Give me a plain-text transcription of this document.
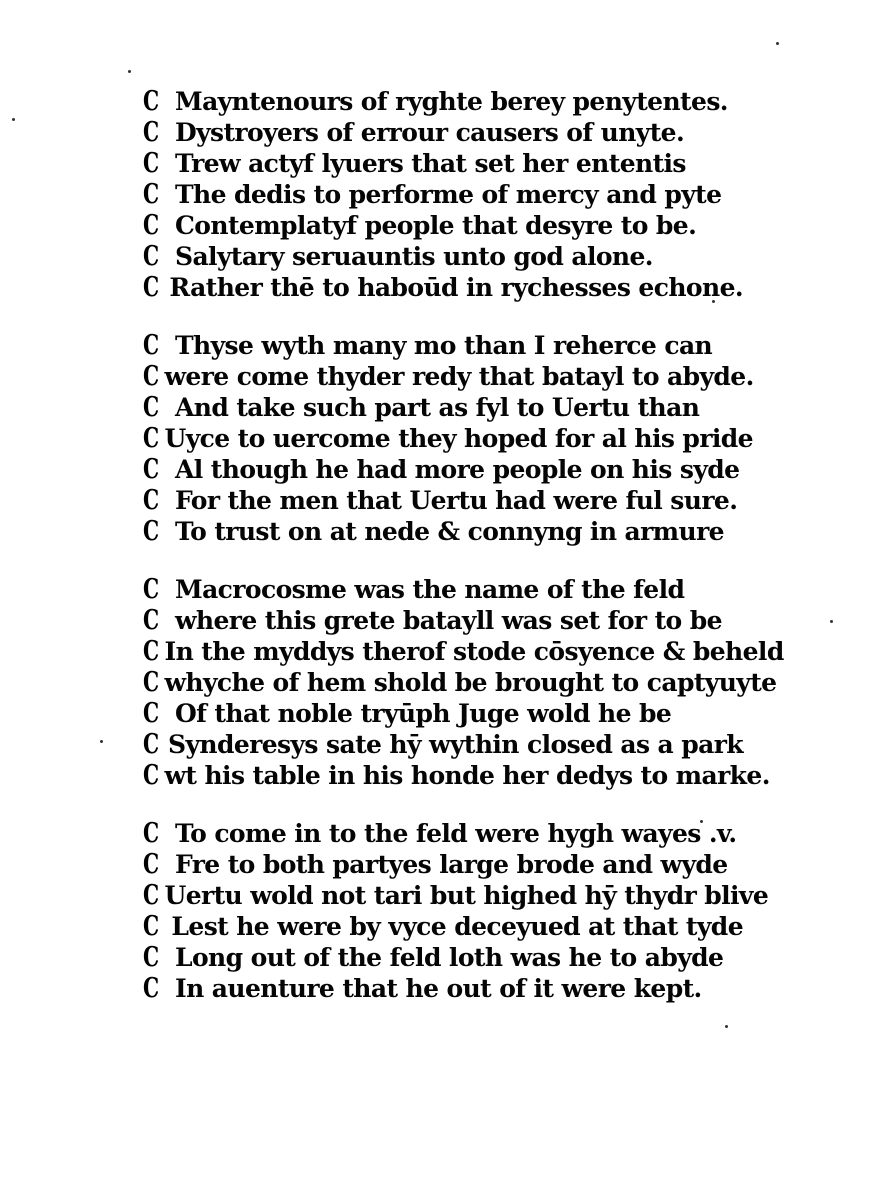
C Mayntenours of ryghte berey penytentes.
C Dystroyers of errour causers of unyte.
C Trew actyf lyuers that set her ententis
C The dedis to performe of mercy and pyte
C Contemplatyf people that desyre to be.
C Salytary seruauntis unto god alone.
C Rather thē to haboūd in rychesses echone.
C Thyse wyth many mo than I reherce can
C were come thyder redy that batayl to abyde.
C And take such part as fyl to Uertu than
C Uyce to uercome they hoped for al his pride
C Al though he had more people on his syde
C For the men that Uertu had were ful sure.
C To trust on at nede & connyng in armure
C Macrocosme was the name of the feld
C where this grete batayll was set for to be
C In the myddys therof stode cōsyence & beheld
C whyche of hem shold be brought to captyuyte
C Of that noble tryūph Juge wold he be
C Synderesys sate hȳ wythin closed as a park
C wt his table in his honde her dedys to marke.
C To come in to the feld were hygh wayes .v.
C Fre to both partyes large brode and wyde
C Uertu wold not tari but highed hȳ thydr blive
C Lest he were by vyce deceyued at that tyde
C Long out of the feld loth was he to abyde
C In auenture that he out of it were kept.
